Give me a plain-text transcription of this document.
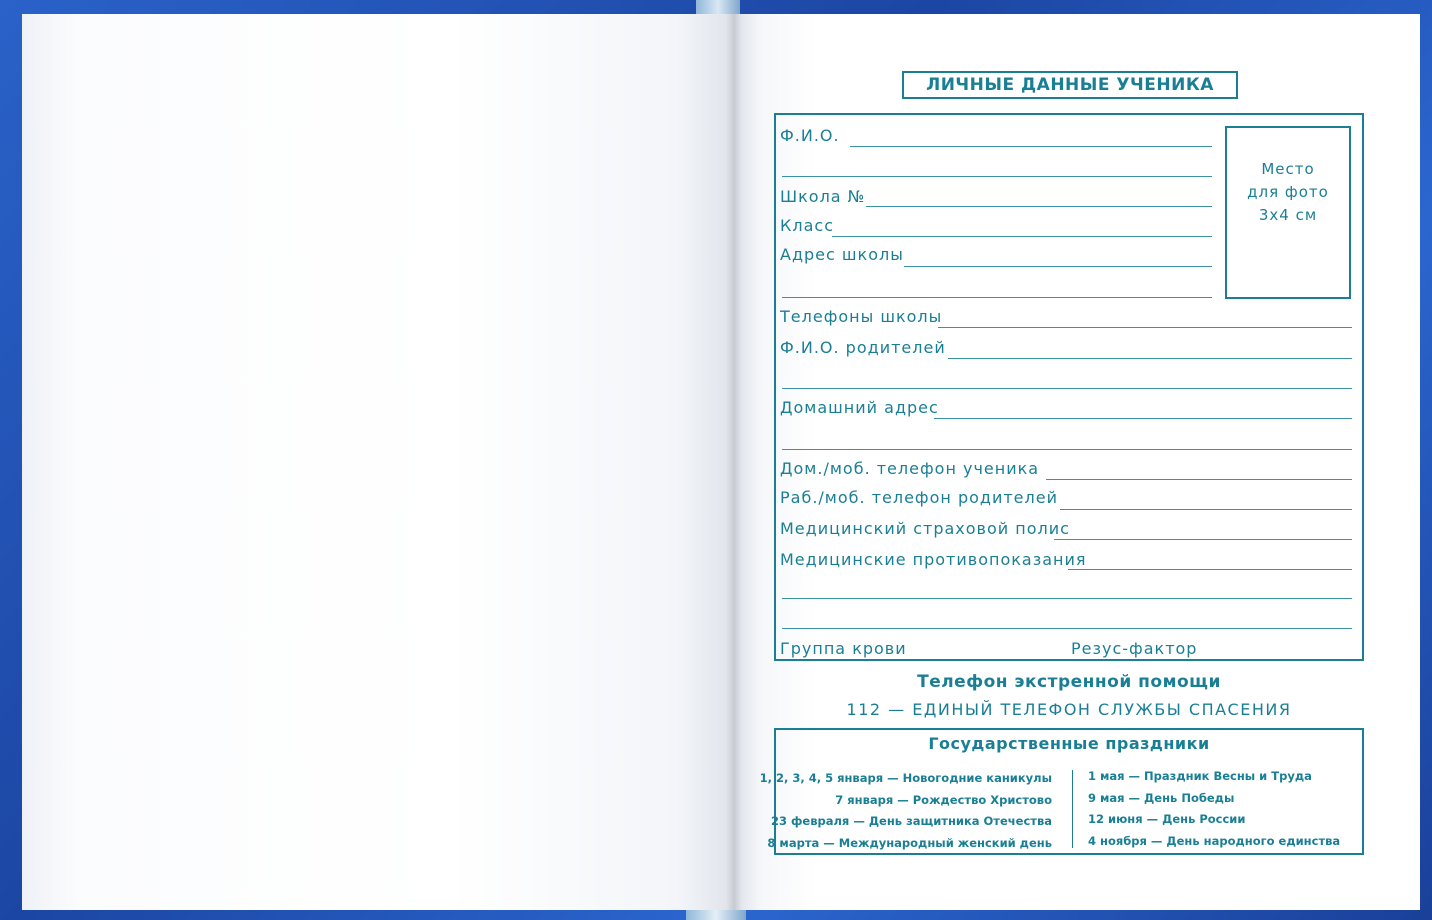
ЛИЧНЫЕ ДАННЫЕ УЧЕНИКА
Место
для фото
3х4 см
Ф.И.О.
Школа №
Класс
Адрес школы
Телефоны школы
Ф.И.О. родителей
Домашний адрес
Дом./моб. телефон ученика
Раб./моб. телефон родителей
Медицинский страховой полис
Медицинские противопоказания
Группа крови	Резус-фактор
Телефон экстренной помощи
112 — ЕДИНЫЙ ТЕЛЕФОН СЛУЖБЫ СПАСЕНИЯ
Государственные праздники
1, 2, 3, 4, 5 января — Новогодние каникулы
7 января — Рождество Христово
23 февраля — День защитника Отечества
8 марта — Международный женский день
1 мая — Праздник Весны и Труда
9 мая — День Победы
12 июня — День России
4 ноября — День народного единства
